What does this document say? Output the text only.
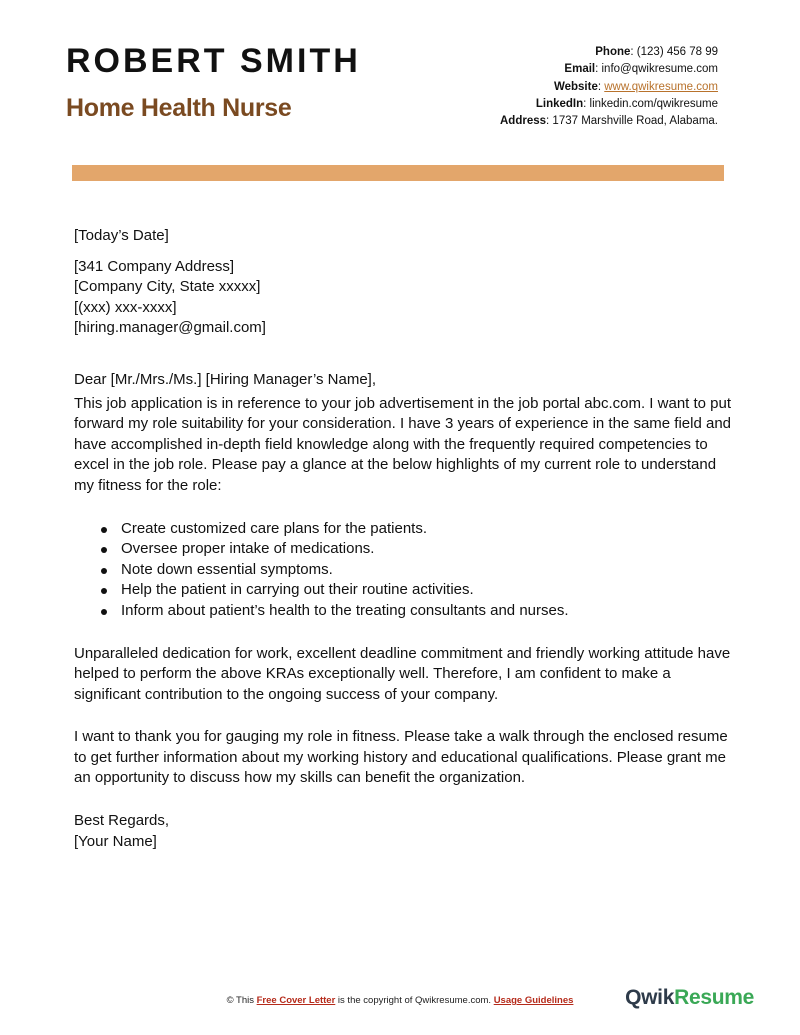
ROBERT SMITH
Home Health Nurse
Phone: (123) 456 78 99
Email: info@qwikresume.com
Website: www.qwikresume.com
LinkedIn: linkedin.com/qwikresume
Address: 1737 Marshville Road, Alabama.

[Today’s Date]

[341 Company Address]

[Company City, State xxxxx]

[(xxx) xxx-xxxx]

[hiring.manager@gmail.com]

Dear [Mr./Mrs./Ms.] [Hiring Manager’s Name],

This job application is in reference to your job advertisement in the job portal abc.com. I want to put forward my role suitability for your consideration. I have 3 years of experience in the same field and have accomplished in-depth field knowledge along with the frequently required competencies to excel in the job role. Please pay a glance at the below highlights of my current role to understand my fitness for the role:

Create customized care plans for the patients.
Oversee proper intake of medications.
Note down essential symptoms.
Help the patient in carrying out their routine activities.
Inform about patient’s health to the treating consultants and nurses.

Unparalleled dedication for work, excellent deadline commitment and friendly working attitude have helped to perform the above KRAs exceptionally well. Therefore, I am confident to make a significant contribution to the ongoing success of your company.

I want to thank you for gauging my role in fitness. Please take a walk through the enclosed resume to get further information about my working history and educational qualifications. Please grant me an opportunity to discuss how my skills can benefit the organization.

Best Regards,

[Your Name]

© This Free Cover Letter is the copyright of Qwikresume.com. Usage Guidelines	QwikResume
